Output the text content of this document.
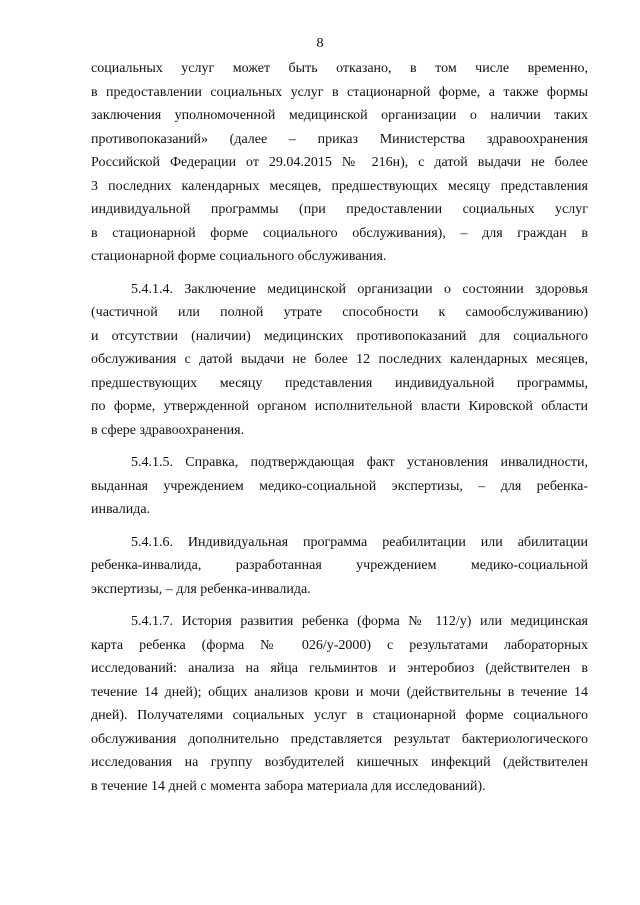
8
социальных услуг может быть отказано, в том числе временно,
в предоставлении социальных услуг в стационарной форме, а также формы
заключения уполномоченной медицинской организации о наличии таких
противопоказаний» (далее – приказ Министерства здравоохранения
Российской Федерации от 29.04.2015 № 216н), с датой выдачи не более
3 последних календарных месяцев, предшествующих месяцу представления
индивидуальной программы (при предоставлении социальных услуг
в стационарной форме социального обслуживания), – для граждан в
стационарной форме социального обслуживания.
5.4.1.4. Заключение медицинской организации о состоянии здоровья
(частичной или полной утрате способности к самообслуживанию)
и отсутствии (наличии) медицинских противопоказаний для социального
обслуживания с датой выдачи не более 12 последних календарных месяцев,
предшествующих месяцу представления индивидуальной программы,
по форме, утвержденной органом исполнительной власти Кировской области
в сфере здравоохранения.
5.4.1.5. Справка, подтверждающая факт установления инвалидности,
выданная учреждением медико-социальной экспертизы, – для ребенка-
инвалида.
5.4.1.6. Индивидуальная программа реабилитации или абилитации
ребенка-инвалида, разработанная учреждением медико-социальной
экспертизы, – для ребенка-инвалида.
5.4.1.7. История развития ребенка (форма № 112/у) или медицинская
карта ребенка (форма № 026/у-2000) с результатами лабораторных
исследований: анализа на яйца гельминтов и энтеробиоз (действителен в
течение 14 дней); общих анализов крови и мочи (действительны в течение 14
дней). Получателями социальных услуг в стационарной форме социального
обслуживания дополнительно представляется результат бактериологического
исследования на группу возбудителей кишечных инфекций (действителен
в течение 14 дней с момента забора материала для исследований).
